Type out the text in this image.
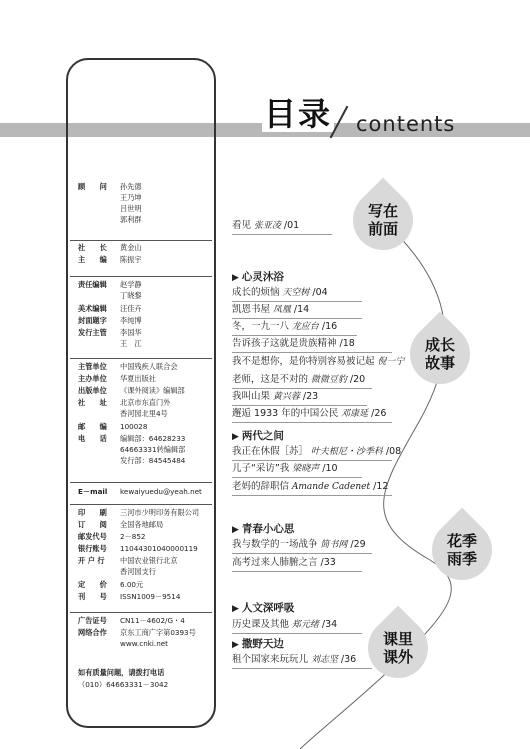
目录 contents
顾　　问	孙先德
王乃坤
吕世明
郭利群
社　　长	黄金山
主　　编	陈振宇
责任编辑	赵学静
丁晓黎
美术编辑	汪佳卉
封面题字	李纯博
发行主管	李国华
王　江
主管单位	中国残疾人联合会
主办单位	华夏出版社
出版单位	《课外阅读》编辑部
社　　址	北京市东直门外
香河园北里4号
邮　　编	100028
电　　话	编辑部：64628233
64663331转编辑部
发行部：84545484
E－mail	kewaiyuedu@yeah.net
印　　刷	三河市少明印务有限公司
订　　阅	全国各地邮局
邮发代号	2－852
银行账号	11044301040000119
开 户 行	中国农业银行北京
香河园支行
定　　价	6.00元
刊　　号	ISSN1009－9514
广告证号	CN11－4602/G・4
网络合作	京东工商广字第0393号
www.cnki.net
如有质量问题，请拨打电话
（010）64663331－3042
写在
前面
成长
故事
花季
雨季
课里
课外
看见 张亚凌 /01
▶ 心灵沐浴
成长的烦恼 天空树 /04
凯恩书屋 凤凰 /14
冬，一九一八 龙应台 /16
告诉孩子这就是贵族精神 /18
我不是想你，是你特别容易被记起 倪一宁
老师，这是不对的 微微豆豹 /20
我叫山果 黄兴蓉 /23
邂逅 1933 年的中国公民 邓康延 /26
▶ 两代之间
我正在休假［苏］ 叶夫根尼・沙季科 /08
儿子“采访”我 梁晓声 /10
老妈的辞职信 Amande Cadenet /12
▶ 青春小心思
我与数学的一场战争 简书网 /29
高考过来人肺腑之言 /33
▶ 人文深呼吸
历史课及其他 郑元绪 /34
▶ 撒野天边
租个国家来玩玩儿 刘志坚 /36
